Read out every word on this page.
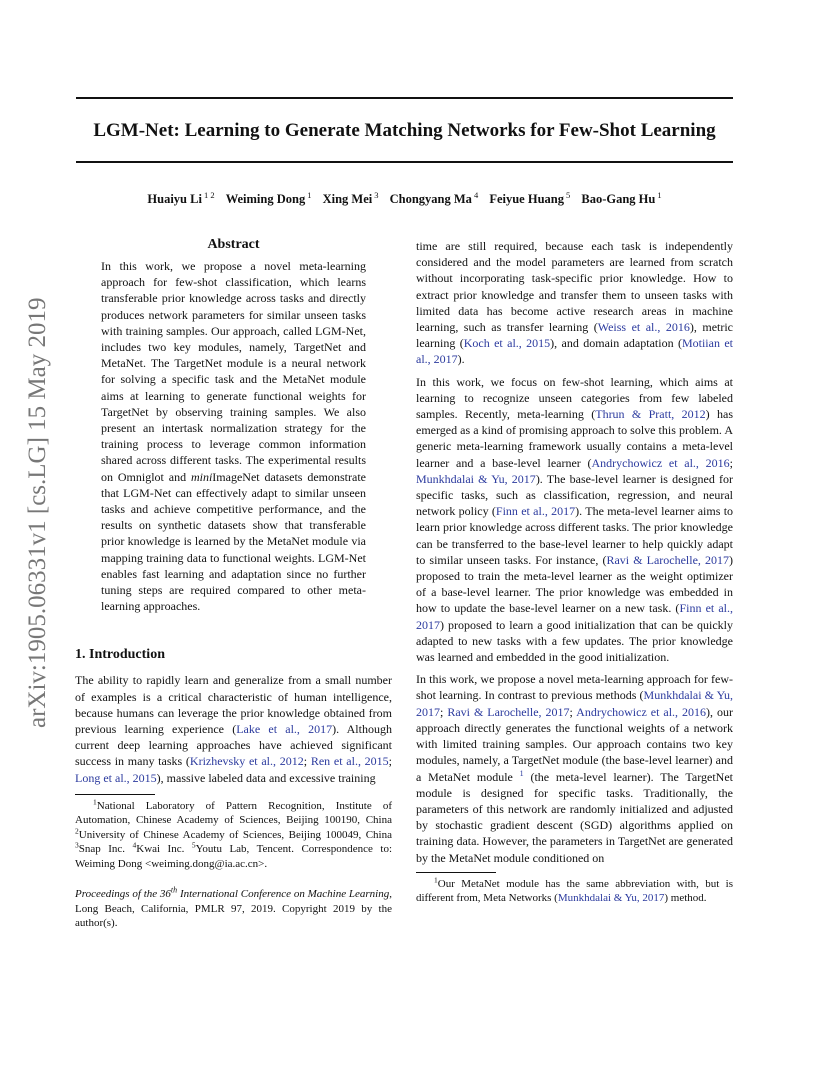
LGM-Net: Learning to Generate Matching Networks for Few-Shot Learning
Huaiyu Li $^{1 2}$ Weiming Dong $^1$ Xing Mei $^3$ Chongyang Ma $^4$ Feiyue Huang $^5$ Bao-Gang Hu $^1$
arXiv:1905.06331v1 [cs.LG] 15 May 2019
Abstract

In this work, we propose a novel meta-learning approach for few-shot classification, which learns transferable prior knowledge across tasks and directly produces network parameters for similar unseen tasks with training samples. Our approach, called LGM-Net, includes two key modules, namely, TargetNet and MetaNet. The TargetNet module is a neural network for solving a specific task and the MetaNet module aims at learning to generate functional weights for TargetNet by observing training samples. We also present an intertask normalization strategy for the training process to leverage common information shared across different tasks. The experimental results on Omniglot and miniImageNet datasets demonstrate that LGM-Net can effectively adapt to similar unseen tasks and achieve competitive performance, and the results on synthetic datasets show that transferable prior knowledge is learned by the MetaNet module via mapping training data to functional weights. LGM-Net enables fast learning and adaptation since no further tuning steps are required compared to other meta-learning approaches.

1. Introduction

The ability to rapidly learn and generalize from a small number of examples is a critical characteristic of human intelligence, because humans can leverage the prior knowledge obtained from previous learning experience (Lake et al., 2017). Although current deep learning approaches have achieved significant success in many tasks (Krizhevsky et al., 2012; Ren et al., 2015; Long et al., 2015), massive labeled data and excessive training

$^1$National Laboratory of Pattern Recognition, Institute of Automation, Chinese Academy of Sciences, Beijing 100190, China $^2$University of Chinese Academy of Sciences, Beijing 100049, China $^3$Snap Inc. $^4$Kwai Inc. $^5$Youtu Lab, Tencent. Correspondence to: Weiming Dong <weiming.dong@ia.ac.cn>.

Proceedings of the 36th International Conference on Machine Learning, Long Beach, California, PMLR 97, 2019. Copyright 2019 by the author(s).

time are still required, because each task is independently considered and the model parameters are learned from scratch without incorporating task-specific prior knowledge. How to extract prior knowledge and transfer them to unseen tasks with limited data has become active research areas in machine learning, such as transfer learning (Weiss et al., 2016), metric learning (Koch et al., 2015), and domain adaptation (Motiian et al., 2017).

In this work, we focus on few-shot learning, which aims at learning to recognize unseen categories from few labeled samples. Recently, meta-learning (Thrun & Pratt, 2012) has emerged as a kind of promising approach to solve this problem. A generic meta-learning framework usually contains a meta-level learner and a base-level learner (Andrychowicz et al., 2016; Munkhdalai & Yu, 2017). The base-level learner is designed for specific tasks, such as classification, regression, and neural network policy (Finn et al., 2017). The meta-level learner aims to learn prior knowledge across different tasks. The prior knowledge can be transferred to the base-level learner to help quickly adapt to similar unseen tasks. For instance, (Ravi & Larochelle, 2017) proposed to train the meta-level learner as the weight optimizer of a base-level learner. The prior knowledge was embedded in how to update the base-level learner on a new task. (Finn et al., 2017) proposed to learn a good initialization that can be quickly adapted to new tasks with a few updates. The prior knowledge was learned and embedded in the good initialization.

In this work, we propose a novel meta-learning approach for few-shot learning. In contrast to previous methods (Munkhdalai & Yu, 2017; Ravi & Larochelle, 2017; Andrychowicz et al., 2016), our approach directly generates the functional weights of a network with limited training samples. Our approach contains two key modules, namely, a TargetNet module (the base-level learner) and a MetaNet module $^1$ (the meta-level learner). The TargetNet module is designed for specific tasks. Traditionally, the parameters of this network are randomly initialized and adjusted by stochastic gradient descent (SGD) algorithms applied on training data. However, the parameters in TargetNet are generated by the MetaNet module conditioned on

$^1$Our MetaNet module has the same abbreviation with, but is different from, Meta Networks (Munkhdalai & Yu, 2017) method.
